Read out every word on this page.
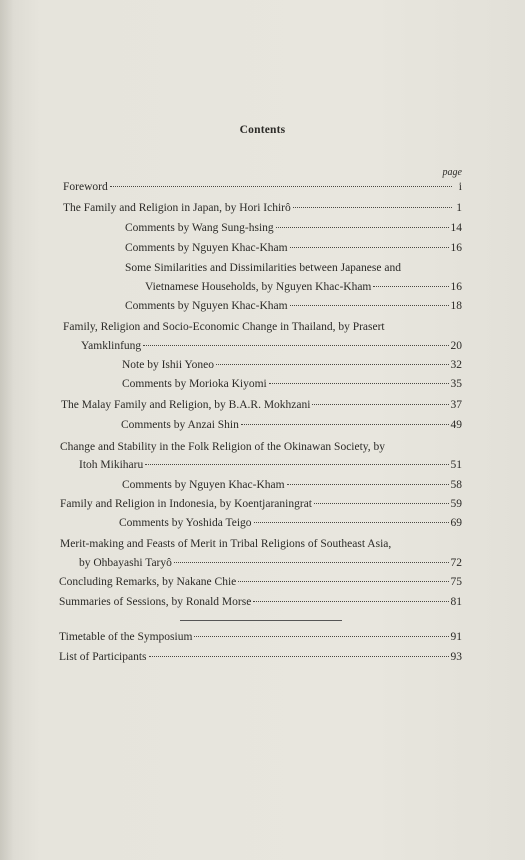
Contents
page
Foreword	i
The Family and Religion in Japan, by Hori Ichirô	1
Comments by Wang Sung-hsing	14
Comments by Nguyen Khac-Kham	16
Some Similarities and Dissimilarities between Japanese and
Vietnamese Households, by Nguyen Khac-Kham	16
Comments by Nguyen Khac-Kham	18
Family, Religion and Socio-Economic Change in Thailand, by Prasert
Yamklinfung	20
Note by Ishii Yoneo	32
Comments by Morioka Kiyomi	35
The Malay Family and Religion, by B.A.R. Mokhzani	37
Comments by Anzai Shin	49
Change and Stability in the Folk Religion of the Okinawan Society, by
Itoh Mikiharu	51
Comments by Nguyen Khac-Kham	58
Family and Religion in Indonesia, by Koentjaraningrat	59
Comments by Yoshida Teigo	69
Merit-making and Feasts of Merit in Tribal Religions of Southeast Asia,
by Ohbayashi Taryô	72
Concluding Remarks, by Nakane Chie	75
Summaries of Sessions, by Ronald Morse	81
Timetable of the Symposium	91
List of Participants	93
